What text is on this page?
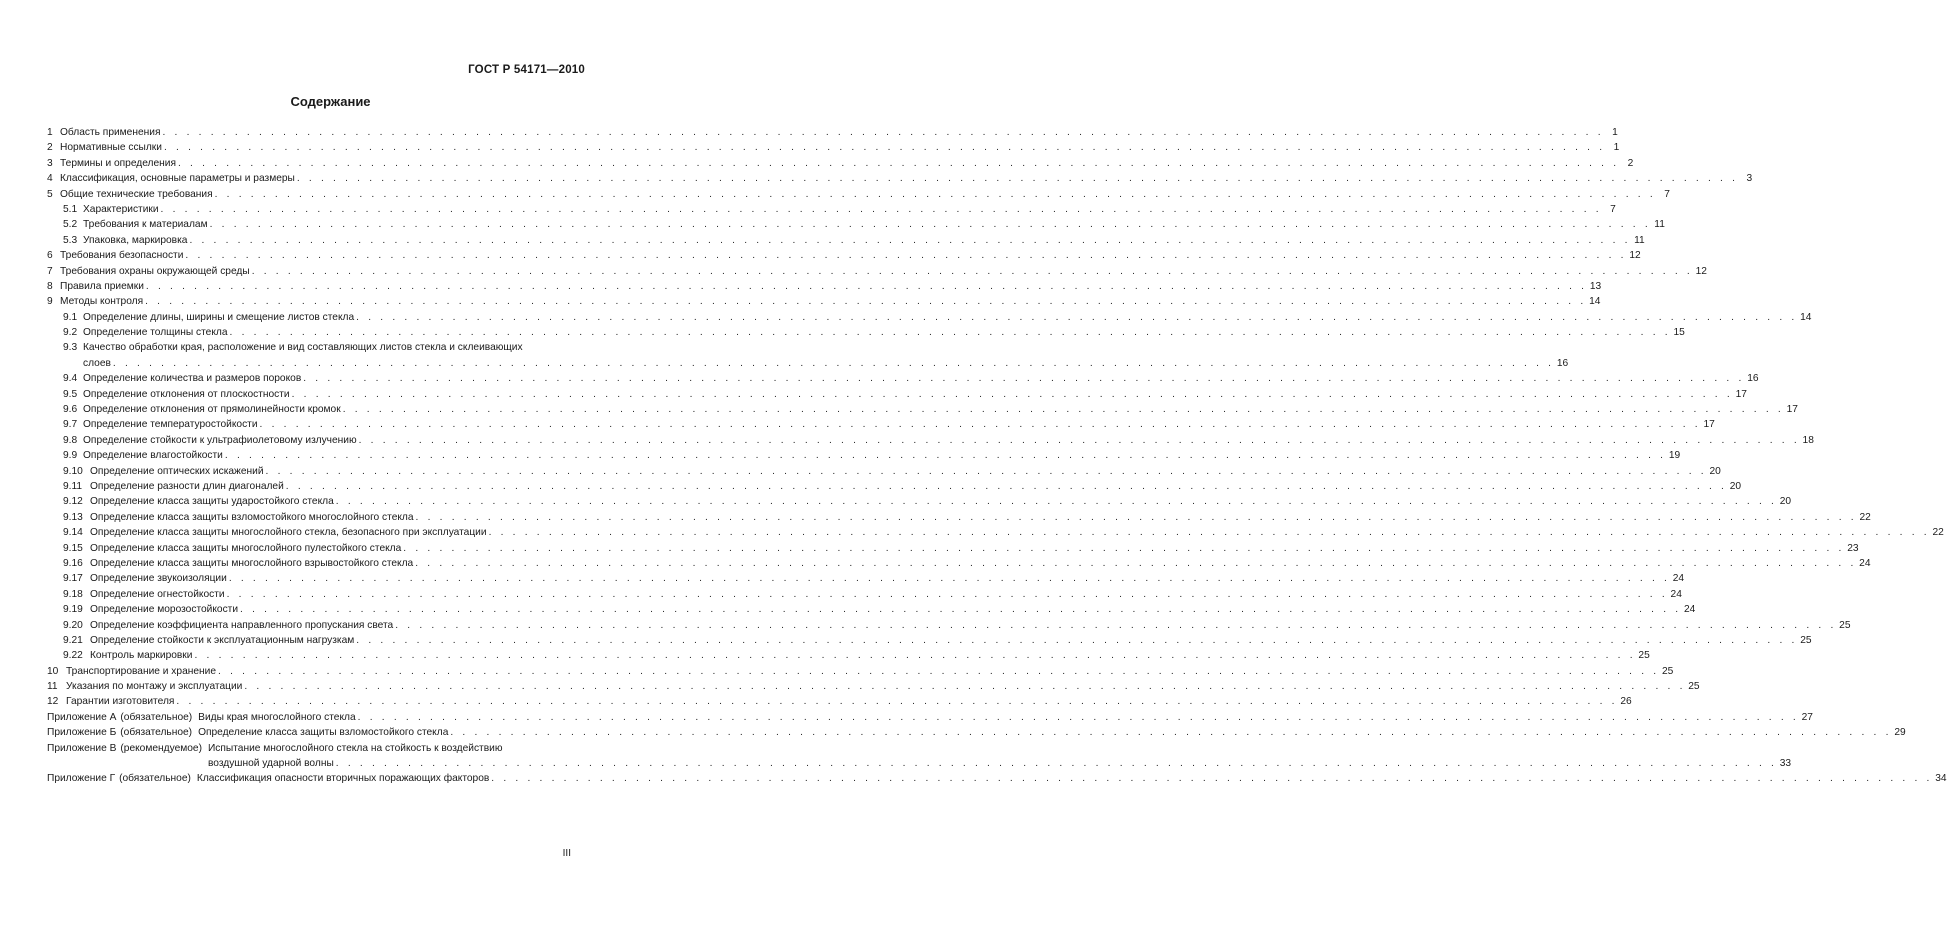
ГОСТ Р 54171—2010
Содержание
1 Область применения . . . . . . . . . . . . . . . . . . . . . . . . . . . . . . . . . . . . . . . . . . . . . . . . . . . . . . . . . . . . . . . . . . . . . . . . . . . . . . . . . . . . . . . . . . . . . . . . . . . . . . . . . . . . . . . . . . . . . . . . 1
2 Нормативные ссылки . . . . . . . . . . . . . . . . . . . . . . . . . . . . . . . . . . . . . . . . . . . . . . . . . . . . . . . . . . . . . . . . . . . . . . . . . . . . . . . . . . . . . . . . . . . . . . . . . . . . . . . . . . . . . . . . . . . . . . . . 1
3 Термины и определения . . . . . . . . . . . . . . . . . . . . . . . . . . . . . . . . . . . . . . . . . . . . . . . . . . . . . . . . . . . . . . . . . . . . . . . . . . . . . . . . . . . . . . . . . . . . . . . . . . . . . . . . . . . . . . . . . . . . . . . . 2
4 Классификация, основные параметры и размеры . . . . . . . . . . . . . . . . . . . . . . . . . . . . . . . . . . . . . . . . . . . . . . . . . . . . . . . . . . . . . . . . . . . . . . . . . . . . . . . . . . . . . . . . . . . . . . . . . . . . . . . . . . . . . . . . . . . . . . . . 3
5 Общие технические требования . . . . . . . . . . . . . . . . . . . . . . . . . . . . . . . . . . . . . . . . . . . . . . . . . . . . . . . . . . . . . . . . . . . . . . . . . . . . . . . . . . . . . . . . . . . . . . . . . . . . . . . . . . . . . . . . . . . . . . . . 7
5.1 Характеристики . . . . . . . . . . . . . . . . . . . . . . . . . . . . . . . . . . . . . . . . . . . . . . . . . . . . . . . . . . . . . . . . . . . . . . . . . . . . . . . . . . . . . . . . . . . . . . . . . . . . . . . . . . . . . . . . . . . . . . . . 7
5.2 Требования к материалам . . . . . . . . . . . . . . . . . . . . . . . . . . . . . . . . . . . . . . . . . . . . . . . . . . . . . . . . . . . . . . . . . . . . . . . . . . . . . . . . . . . . . . . . . . . . . . . . . . . . . . . . . . . . . . . . . . . . . . . . 11
5.3 Упаковка, маркировка . . . . . . . . . . . . . . . . . . . . . . . . . . . . . . . . . . . . . . . . . . . . . . . . . . . . . . . . . . . . . . . . . . . . . . . . . . . . . . . . . . . . . . . . . . . . . . . . . . . . . . . . . . . . . . . . . . . . . . . . 11
6 Требования безопасности . . . . . . . . . . . . . . . . . . . . . . . . . . . . . . . . . . . . . . . . . . . . . . . . . . . . . . . . . . . . . . . . . . . . . . . . . . . . . . . . . . . . . . . . . . . . . . . . . . . . . . . . . . . . . . . . . . . . . . . . 12
7 Требования охраны окружающей среды . . . . . . . . . . . . . . . . . . . . . . . . . . . . . . . . . . . . . . . . . . . . . . . . . . . . . . . . . . . . . . . . . . . . . . . . . . . . . . . . . . . . . . . . . . . . . . . . . . . . . . . . . . . . . . . . . . . . . . . . 12
8 Правила приемки . . . . . . . . . . . . . . . . . . . . . . . . . . . . . . . . . . . . . . . . . . . . . . . . . . . . . . . . . . . . . . . . . . . . . . . . . . . . . . . . . . . . . . . . . . . . . . . . . . . . . . . . . . . . . . . . . . . . . . . . 13
9 Методы контроля . . . . . . . . . . . . . . . . . . . . . . . . . . . . . . . . . . . . . . . . . . . . . . . . . . . . . . . . . . . . . . . . . . . . . . . . . . . . . . . . . . . . . . . . . . . . . . . . . . . . . . . . . . . . . . . . . . . . . . . . 14
9.1 Определение длины, ширины и смещение листов стекла . . . . . . . . . . . . . . . . . . . . . . . . . . . . . . . . . . . . . . . . . . . . . . . . . . . . . . . . . . . . . . . . . . . . . . . . . . . . . . . . . . . . . . . . . . . . . . . . . . . . . . . . . . . . . . . . . . . . . . . . 14
9.2 Определение толщины стекла . . . . . . . . . . . . . . . . . . . . . . . . . . . . . . . . . . . . . . . . . . . . . . . . . . . . . . . . . . . . . . . . . . . . . . . . . . . . . . . . . . . . . . . . . . . . . . . . . . . . . . . . . . . . . . . . . . . . . . . . 15
9.3 Качество обработки края, расположение и вид составляющих листов стекла и склеивающих
слоев . . . . . . . . . . . . . . . . . . . . . . . . . . . . . . . . . . . . . . . . . . . . . . . . . . . . . . . . . . . . . . . . . . . . . . . . . . . . . . . . . . . . . . . . . . . . . . . . . . . . . . . . . . . . . . . . . . . . . . . . 16
9.4 Определение количества и размеров пороков . . . . . . . . . . . . . . . . . . . . . . . . . . . . . . . . . . . . . . . . . . . . . . . . . . . . . . . . . . . . . . . . . . . . . . . . . . . . . . . . . . . . . . . . . . . . . . . . . . . . . . . . . . . . . . . . . . . . . . . . 16
9.5 Определение отклонения от плоскостности . . . . . . . . . . . . . . . . . . . . . . . . . . . . . . . . . . . . . . . . . . . . . . . . . . . . . . . . . . . . . . . . . . . . . . . . . . . . . . . . . . . . . . . . . . . . . . . . . . . . . . . . . . . . . . . . . . . . . . . . 17
9.6 Определение отклонения от прямолинейности кромок . . . . . . . . . . . . . . . . . . . . . . . . . . . . . . . . . . . . . . . . . . . . . . . . . . . . . . . . . . . . . . . . . . . . . . . . . . . . . . . . . . . . . . . . . . . . . . . . . . . . . . . . . . . . . . . . . . . . . . . . 17
9.7 Определение температуростойкости . . . . . . . . . . . . . . . . . . . . . . . . . . . . . . . . . . . . . . . . . . . . . . . . . . . . . . . . . . . . . . . . . . . . . . . . . . . . . . . . . . . . . . . . . . . . . . . . . . . . . . . . . . . . . . . . . . . . . . . . 17
9.8 Определение стойкости к ультрафиолетовому излучению . . . . . . . . . . . . . . . . . . . . . . . . . . . . . . . . . . . . . . . . . . . . . . . . . . . . . . . . . . . . . . . . . . . . . . . . . . . . . . . . . . . . . . . . . . . . . . . . . . . . . . . . . . . . . . . . . . . . . . . . 18
9.9 Определение влагостойкости . . . . . . . . . . . . . . . . . . . . . . . . . . . . . . . . . . . . . . . . . . . . . . . . . . . . . . . . . . . . . . . . . . . . . . . . . . . . . . . . . . . . . . . . . . . . . . . . . . . . . . . . . . . . . . . . . . . . . . . . 19
9.10 Определение оптических искажений . . . . . . . . . . . . . . . . . . . . . . . . . . . . . . . . . . . . . . . . . . . . . . . . . . . . . . . . . . . . . . . . . . . . . . . . . . . . . . . . . . . . . . . . . . . . . . . . . . . . . . . . . . . . . . . . . . . . . . . . 20
9.11 Определение разности длин диагоналей . . . . . . . . . . . . . . . . . . . . . . . . . . . . . . . . . . . . . . . . . . . . . . . . . . . . . . . . . . . . . . . . . . . . . . . . . . . . . . . . . . . . . . . . . . . . . . . . . . . . . . . . . . . . . . . . . . . . . . . . 20
9.12 Определение класса защиты ударостойкого стекла . . . . . . . . . . . . . . . . . . . . . . . . . . . . . . . . . . . . . . . . . . . . . . . . . . . . . . . . . . . . . . . . . . . . . . . . . . . . . . . . . . . . . . . . . . . . . . . . . . . . . . . . . . . . . . . . . . . . . . . . 20
9.13 Определение класса защиты взломостойкого многослойного стекла . . . . . . . . . . . . . . . . . . . . . . . . . . . . . . . . . . . . . . . . . . . . . . . . . . . . . . . . . . . . . . . . . . . . . . . . . . . . . . . . . . . . . . . . . . . . . . . . . . . . . . . . . . . . . . . . . . . . . . . . 22
9.14 Определение класса защиты многослойного стекла, безопасного при эксплуатации . . . . . . . . . . . . . . . . . . . . . . . . . . . . . . . . . . . . . . . . . . . . . . . . . . . . . . . . . . . . . . . . . . . . . . . . . . . . . . . . . . . . . . . . . . . . . . . . . . . . . . . . . . . . . . . . . . . . . . . . 22
9.15 Определение класса защиты многослойного пулестойкого стекла . . . . . . . . . . . . . . . . . . . . . . . . . . . . . . . . . . . . . . . . . . . . . . . . . . . . . . . . . . . . . . . . . . . . . . . . . . . . . . . . . . . . . . . . . . . . . . . . . . . . . . . . . . . . . . . . . . . . . . . . 23
9.16 Определение класса защиты многослойного взрывостойкого стекла . . . . . . . . . . . . . . . . . . . . . . . . . . . . . . . . . . . . . . . . . . . . . . . . . . . . . . . . . . . . . . . . . . . . . . . . . . . . . . . . . . . . . . . . . . . . . . . . . . . . . . . . . . . . . . . . . . . . . . . . 24
9.17 Определение звукоизоляции . . . . . . . . . . . . . . . . . . . . . . . . . . . . . . . . . . . . . . . . . . . . . . . . . . . . . . . . . . . . . . . . . . . . . . . . . . . . . . . . . . . . . . . . . . . . . . . . . . . . . . . . . . . . . . . . . . . . . . . . 24
9.18 Определение огнестойкости . . . . . . . . . . . . . . . . . . . . . . . . . . . . . . . . . . . . . . . . . . . . . . . . . . . . . . . . . . . . . . . . . . . . . . . . . . . . . . . . . . . . . . . . . . . . . . . . . . . . . . . . . . . . . . . . . . . . . . . . 24
9.19 Определение морозостойкости . . . . . . . . . . . . . . . . . . . . . . . . . . . . . . . . . . . . . . . . . . . . . . . . . . . . . . . . . . . . . . . . . . . . . . . . . . . . . . . . . . . . . . . . . . . . . . . . . . . . . . . . . . . . . . . . . . . . . . . . 24
9.20 Определение коэффициента направленного пропускания света . . . . . . . . . . . . . . . . . . . . . . . . . . . . . . . . . . . . . . . . . . . . . . . . . . . . . . . . . . . . . . . . . . . . . . . . . . . . . . . . . . . . . . . . . . . . . . . . . . . . . . . . . . . . . . . . . . . . . . . . 25
9.21 Определение стойкости к эксплуатационным нагрузкам . . . . . . . . . . . . . . . . . . . . . . . . . . . . . . . . . . . . . . . . . . . . . . . . . . . . . . . . . . . . . . . . . . . . . . . . . . . . . . . . . . . . . . . . . . . . . . . . . . . . . . . . . . . . . . . . . . . . . . . . 25
9.22 Контроль маркировки . . . . . . . . . . . . . . . . . . . . . . . . . . . . . . . . . . . . . . . . . . . . . . . . . . . . . . . . . . . . . . . . . . . . . . . . . . . . . . . . . . . . . . . . . . . . . . . . . . . . . . . . . . . . . . . . . . . . . . . . 25
10 Транспортирование и хранение . . . . . . . . . . . . . . . . . . . . . . . . . . . . . . . . . . . . . . . . . . . . . . . . . . . . . . . . . . . . . . . . . . . . . . . . . . . . . . . . . . . . . . . . . . . . . . . . . . . . . . . . . . . . . . . . . . . . . . . . 25
11 Указания по монтажу и эксплуатации . . . . . . . . . . . . . . . . . . . . . . . . . . . . . . . . . . . . . . . . . . . . . . . . . . . . . . . . . . . . . . . . . . . . . . . . . . . . . . . . . . . . . . . . . . . . . . . . . . . . . . . . . . . . . . . . . . . . . . . . 25
12 Гарантии изготовителя . . . . . . . . . . . . . . . . . . . . . . . . . . . . . . . . . . . . . . . . . . . . . . . . . . . . . . . . . . . . . . . . . . . . . . . . . . . . . . . . . . . . . . . . . . . . . . . . . . . . . . . . . . . . . . . . . . . . . . . . 26
Приложение А (обязательное) Виды края многослойного стекла . . . . . . . . . . . . . . . . . . . . . . . . . . . . . . . . . . . . . . . . . . . . . . . . . . . . . . . . . . . . . . . . . . . . . . . . . . . . . . . . . . . . . . . . . . . . . . . . . . . . . . . . . . . . . . . . . . . . . . . . 27
Приложение Б (обязательное) Определение класса защиты взломостойкого стекла . . . . . . . . . . . . . . . . . . . . . . . . . . . . . . . . . . . . . . . . . . . . . . . . . . . . . . . . . . . . . . . . . . . . . . . . . . . . . . . . . . . . . . . . . . . . . . . . . . . . . . . . . . . . . . . . . . . . . . . . 29
Приложение В (рекомендуемое) Испытание многослойного стекла на стойкость к воздействию
воздушной ударной волны . . . . . . . . . . . . . . . . . . . . . . . . . . . . . . . . . . . . . . . . . . . . . . . . . . . . . . . . . . . . . . . . . . . . . . . . . . . . . . . . . . . . . . . . . . . . . . . . . . . . . . . . . . . . . . . . . . . . . . . . 33
Приложение Г (обязательное) Классификация опасности вторичных поражающих факторов . . . . . . . . . . . . . . . . . . . . . . . . . . . . . . . . . . . . . . . . . . . . . . . . . . . . . . . . . . . . . . . . . . . . . . . . . . . . . . . . . . . . . . . . . . . . . . . . . . . . . . . . . . . . . . . . . . . . . . . . 34
III
